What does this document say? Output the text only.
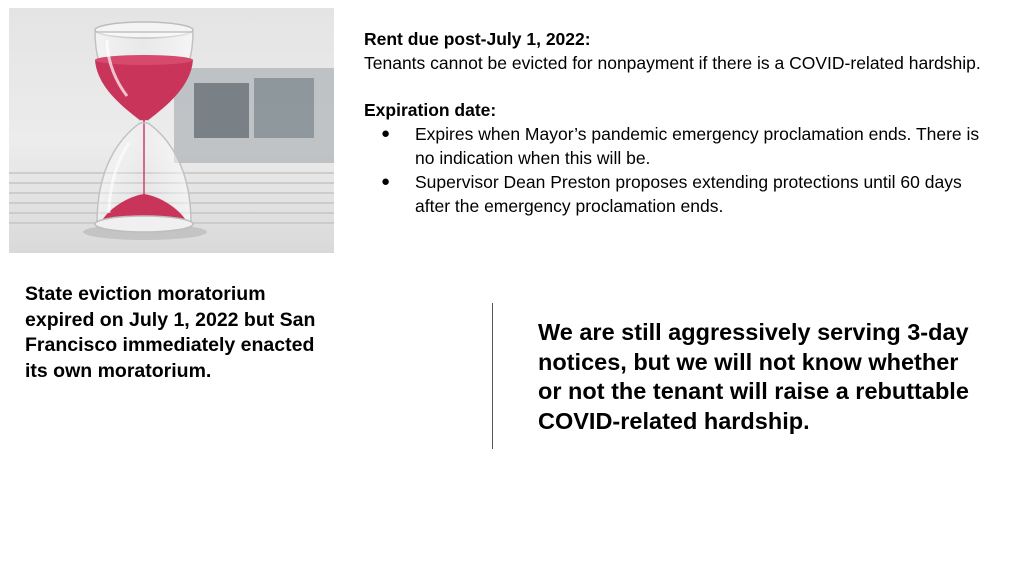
Rent due post-July 1, 2022:
Tenants cannot be evicted for nonpayment if there is a COVID-related hardship.
Expiration date:
● Expires when Mayor’s pandemic emergency proclamation ends. There is no indication when this will be.
● Supervisor Dean Preston proposes extending protections until 60 days after the emergency proclamation ends.
State eviction moratorium expired on July 1, 2022 but San Francisco immediately enacted its own moratorium.
We are still aggressively serving 3-day notices, but we will not know whether or not the tenant will raise a rebuttable COVID-related hardship.
